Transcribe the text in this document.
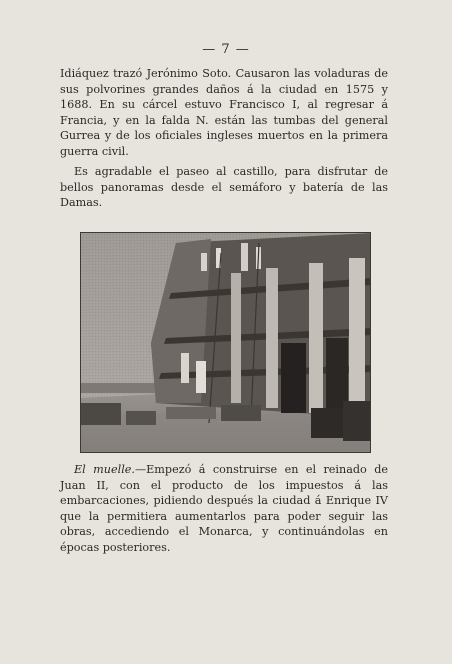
— 7 —

Idiáquez trazó Jerónimo Soto. Causaron las voladuras de sus polvorines grandes daños á la ciudad en 1575 y 1688. En su cárcel estuvo Francisco I, al regresar á Francia, y en la falda N. están las tumbas del general Gurrea y de los oficiales ingleses muertos en la primera guerra civil.

Es agradable el paseo al castillo, para disfrutar de bellos panoramas desde el semáforo y batería de las Damas.

El muelle.—Empezó á construirse en el reinado de Juan II, con el producto de los impuestos á las embarcaciones, pidiendo después la ciudad á Enrique IV que la permitiera aumentarlos para poder seguir las obras, accediendo el Monarca, y continuándolas en épocas posteriores.
